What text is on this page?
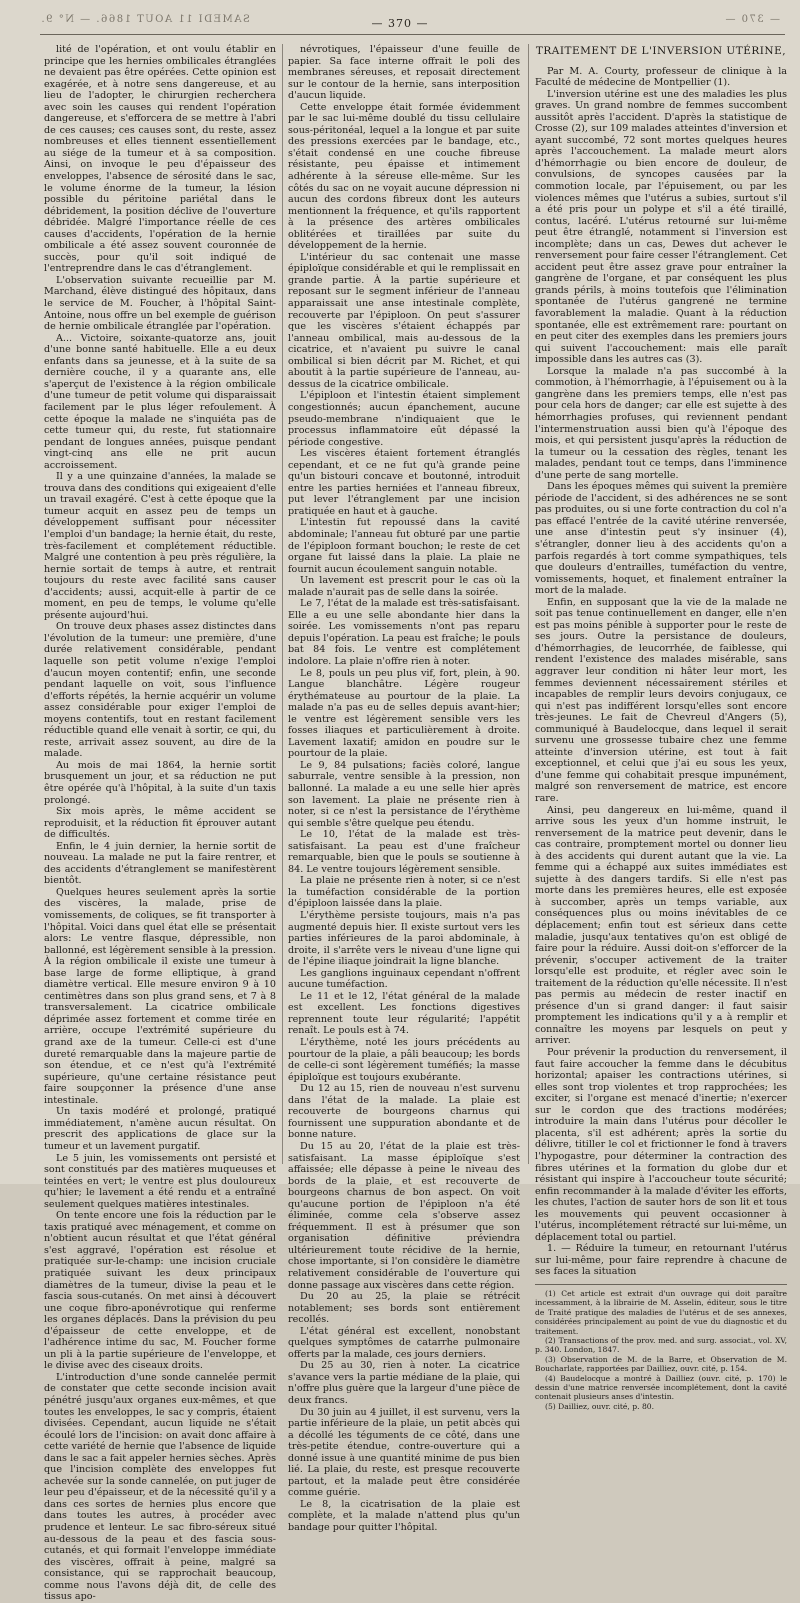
SAMEDI 11 AOUT 1866. — N° 9.	— 370 —	— 370 —

lité de l'opération, et ont voulu établir en principe que les hernies ombilicales étranglées ne devaient pas être opérées. Cette opinion est exagérée, et à notre sens dangereuse, et au lieu de l'adopter, le chirurgien recherchera avec soin les causes qui rendent l'opération dangereuse, et s'efforcera de se mettre à l'abri de ces causes; ces causes sont, du reste, assez nombreuses et elles tiennent essentiellement au siége de la tumeur et à sa composition. Ainsi, on invoque le peu d'épaisseur des enveloppes, l'absence de sérosité dans le sac, le volume énorme de la tumeur, la lésion possible du péritoine pariétal dans le débridement, la position déclive de l'ouverture débridée. Malgré l'importance réelle de ces causes d'accidents, l'opération de la hernie ombilicale a été assez souvent couronnée de succès, pour qu'il soit indiqué de l'entreprendre dans le cas d'étranglement.

L'observation suivante recueillie par M. Marchand, élève distingué des hôpitaux, dans le service de M. Foucher, à l'hôpital Saint-Antoine, nous offre un bel exemple de guérison de hernie ombilicale étranglée par l'opération.

A... Victoire, soixante-quatorze ans, jouit d'une bonne santé habituelle. Elle a eu deux enfants dans sa jeunesse, et à la suite de sa dernière couche, il y a quarante ans, elle s'aperçut de l'existence à la région ombilicale d'une tumeur de petit volume qui disparaissait facilement par le plus léger refoulement. À cette époque la malade ne s'inquiéta pas de cette tumeur qui, du reste, fut stationnaire pendant de longues années, puisque pendant vingt-cinq ans elle ne prit aucun accroissement.

Il y a une quinzaine d'années, la malade se trouva dans des conditions qui exigeaient d'elle un travail exagéré. C'est à cette époque que la tumeur acquit en assez peu de temps un développement suffisant pour nécessiter l'emploi d'un bandage; la hernie était, du reste, très-facilement et complétement réductible. Malgré une contention à peu près régulière, la hernie sortait de temps à autre, et rentrait toujours du reste avec facilité sans causer d'accidents; aussi, acquit-elle à partir de ce moment, en peu de temps, le volume qu'elle présente aujourd'hui.

On trouve deux phases assez distinctes dans l'évolution de la tumeur: une première, d'une durée relativement considérable, pendant laquelle son petit volume n'exige l'emploi d'aucun moyen contentif; enfin, une seconde pendant laquelle on voit, sous l'influence d'efforts répétés, la hernie acquérir un volume assez considérable pour exiger l'emploi de moyens contentifs, tout en restant facilement réductible quand elle venait à sortir, ce qui, du reste, arrivait assez souvent, au dire de la malade.

Au mois de mai 1864, la hernie sortit brusquement un jour, et sa réduction ne put être opérée qu'à l'hôpital, à la suite d'un taxis prolongé.

Six mois après, le même accident se reproduisit, et la réduction fit éprouver autant de difficultés.

Enfin, le 4 juin dernier, la hernie sortit de nouveau. La malade ne put la faire rentrer, et des accidents d'étranglement se manifestèrent bientôt.

Quelques heures seulement après la sortie des viscères, la malade, prise de vomissements, de coliques, se fit transporter à l'hôpital. Voici dans quel état elle se présentait alors: Le ventre flasque, dépressible, non ballonné, est légèrement sensible à la pression. À la région ombilicale il existe une tumeur à base large de forme elliptique, à grand diamètre vertical. Elle mesure environ 9 à 10 centimètres dans son plus grand sens, et 7 à 8 transversalement. La cicatrice ombilicale déprimée assez fortement et comme tirée en arrière, occupe l'extrémité supérieure du grand axe de la tumeur. Celle-ci est d'une dureté remarquable dans la majeure partie de son étendue, et ce n'est qu'à l'extrémité supérieure, qu'une certaine résistance peut faire soupçonner la présence d'une anse intestinale.

Un taxis modéré et prolongé, pratiqué immédiatement, n'amène aucun résultat. On prescrit des applications de glace sur la tumeur et un lavement purgatif.

Le 5 juin, les vomissements ont persisté et sont constitués par des matières muqueuses et teintées en vert; le ventre est plus douloureux qu'hier; le lavement a été rendu et a entraîné seulement quelques matières intestinales.

On tente encore une fois la réduction par le taxis pratiqué avec ménagement, et comme on n'obtient aucun résultat et que l'état général s'est aggravé, l'opération est résolue et pratiquée sur-le-champ: une incision cruciale pratiquée suivant les deux principaux diamètres de la tumeur, divise la peau et le fascia sous-cutanés. On met ainsi à découvert une coque fibro-aponévrotique qui renferme les organes déplacés. Dans la prévision du peu d'épaisseur de cette enveloppe, et de l'adhérence intime du sac, M. Foucher forme un pli à la partie supérieure de l'enveloppe, et le divise avec des ciseaux droits.

L'introduction d'une sonde cannelée permit de constater que cette seconde incision avait pénétré jusqu'aux organes eux-mêmes, et que toutes les enveloppes, le sac y compris, étaient divisées. Cependant, aucun liquide ne s'était écoulé lors de l'incision: on avait donc affaire à cette variété de hernie que l'absence de liquide dans le sac a fait appeler hernies sèches. Après que l'incision complète des enveloppes fut achevée sur la sonde cannelée, on put juger de leur peu d'épaisseur, et de la nécessité qu'il y a dans ces sortes de hernies plus encore que dans toutes les autres, à procéder avec prudence et lenteur. Le sac fibro-séreux situé au-dessous de la peau et des fascia sous-cutanés, et qui formait l'enveloppe immédiate des viscères, offrait à peine, malgré sa consistance, qui se rapprochait beaucoup, comme nous l'avons déjà dit, de celle des tissus apo-

névrotiques, l'épaisseur d'une feuille de papier. Sa face interne offrait le poli des membranes séreuses, et reposait directement sur le contour de la hernie, sans interposition d'aucun liquide.

Cette enveloppe était formée évidemment par le sac lui-même doublé du tissu cellulaire sous-péritonéal, lequel a la longue et par suite des pressions exercées par le bandage, etc., s'était condensé en une couche fibreuse résistante, peu épaisse et intimement adhérente à la séreuse elle-même. Sur les côtés du sac on ne voyait aucune dépression ni aucun des cordons fibreux dont les auteurs mentionnent la fréquence, et qu'ils rapportent à la présence des artères ombilicales oblitérées et tiraillées par suite du développement de la hernie.

L'intérieur du sac contenait une masse épiploïque considérable et qui le remplissait en grande partie. À la partie supérieure et reposant sur le segment inférieur de l'anneau apparaissait une anse intestinale complète, recouverte par l'épiploon. On peut s'assurer que les viscères s'étaient échappés par l'anneau ombilical, mais au-dessous de la cicatrice, et n'avaient pu suivre le canal ombilical si bien décrit par M. Richet, et qui aboutit à la partie supérieure de l'anneau, au-dessus de la cicatrice ombilicale.

L'épiploon et l'intestin étaient simplement congestionnés; aucun épanchement, aucune pseudo-membrane n'indiquaient que le processus inflammatoire eût dépassé la période congestive.

Les viscères étaient fortement étranglés cependant, et ce ne fut qu'à grande peine qu'un bistouri concave et boutonné, introduit entre les parties herniées et l'anneau fibreux, put lever l'étranglement par une incision pratiquée en haut et à gauche.

L'intestin fut repoussé dans la cavité abdominale; l'anneau fut obturé par une partie de l'épiploon formant bouchon; le reste de cet organe fut laissé dans la plaie. La plaie ne fournit aucun écoulement sanguin notable.

Un lavement est prescrit pour le cas où la malade n'aurait pas de selle dans la soirée.

Le 7, l'état de la malade est très-satisfaisant. Elle a eu une selle abondante hier dans la soirée. Les vomissements n'ont pas reparu depuis l'opération. La peau est fraîche; le pouls bat 84 fois. Le ventre est complétement indolore. La plaie n'offre rien à noter.

Le 8, pouls un peu plus vif, fort, plein, à 90. Langue blanchâtre. Légère rougeur érythémateuse au pourtour de la plaie. La malade n'a pas eu de selles depuis avant-hier; le ventre est légèrement sensible vers les fosses iliaques et particulièrement à droite. Lavement laxatif; amidon en poudre sur le pourtour de la plaie.

Le 9, 84 pulsations; faciès coloré, langue saburrale, ventre sensible à la pression, non ballonné. La malade a eu une selle hier après son lavement. La plaie ne présente rien à noter, si ce n'est la persistance de l'érythème qui semble s'être quelque peu étendu.

Le 10, l'état de la malade est très-satisfaisant. La peau est d'une fraîcheur remarquable, bien que le pouls se soutienne à 84. Le ventre toujours légèrement sensible.

La plaie ne présente rien à noter, si ce n'est la tuméfaction considérable de la portion d'épiploon laissée dans la plaie.

L'érythème persiste toujours, mais n'a pas augmenté depuis hier. Il existe surtout vers les parties inférieures de la paroi abdominale, à droite, il s'arrête vers le niveau d'une ligne qui de l'épine iliaque joindrait la ligne blanche.

Les ganglions inguinaux cependant n'offrent aucune tuméfaction.

Le 11 et le 12, l'état général de la malade est excellent. Les fonctions digestives reprennent toute leur régularité; l'appétit renaît. Le pouls est à 74.

L'érythème, noté les jours précédents au pourtour de la plaie, a pâli beaucoup; les bords de celle-ci sont légèrement tuméfiés; la masse épiploïque est toujours exubérante.

Du 12 au 15, rien de nouveau n'est survenu dans l'état de la malade. La plaie est recouverte de bourgeons charnus qui fournissent une suppuration abondante et de bonne nature.

Du 15 au 20, l'état de la plaie est très-satisfaisant. La masse épiploïque s'est affaissée; elle dépasse à peine le niveau des bords de la plaie, et est recouverte de bourgeons charnus de bon aspect. On voit qu'aucune portion de l'épiploon n'a été éliminée, comme cela s'observe assez fréquemment. Il est à présumer que son organisation définitive préviendra ultérieurement toute récidive de la hernie, chose importante, si l'on considère le diamètre relativement considérable de l'ouverture qui donne passage aux viscères dans cette région.

Du 20 au 25, la plaie se rétrécit notablement; ses bords sont entièrement recollés.

L'état général est excellent, nonobstant quelques symptômes de catarrhe pulmonaire offerts par la malade, ces jours derniers.

Du 25 au 30, rien à noter. La cicatrice s'avance vers la partie médiane de la plaie, qui n'offre plus guère que la largeur d'une pièce de deux francs.

Du 30 juin au 4 juillet, il est survenu, vers la partie inférieure de la plaie, un petit abcès qui a décollé les téguments de ce côté, dans une très-petite étendue, contre-ouverture qui a donné issue à une quantité minime de pus bien lié. La plaie, du reste, est presque recouverte partout, et la malade peut être considérée comme guérie.

Le 8, la cicatrisation de la plaie est complète, et la malade n'attend plus qu'un bandage pour quitter l'hôpital.

TRAITEMENT DE L'INVERSION UTÉRINE,

Par M. A. Courty, professeur de clinique à la Faculté de médecine de Montpellier (1).

L'inversion utérine est une des maladies les plus graves. Un grand nombre de femmes succombent aussitôt après l'accident. D'après la statistique de Crosse (2), sur 109 malades atteintes d'inversion et ayant succombé, 72 sont mortes quelques heures après l'accouchement. La malade meurt alors d'hémorrhagie ou bien encore de douleur, de convulsions, de syncopes causées par la commotion locale, par l'épuisement, ou par les violences mêmes que l'utérus a subies, surtout s'il a été pris pour un polype et s'il a été tiraillé, contus, lacéré. L'utérus retourné sur lui-même peut être étranglé, notamment si l'inversion est incomplète; dans un cas, Dewes dut achever le renversement pour faire cesser l'étranglement. Cet accident peut être assez grave pour entraîner la gangrène de l'organe, et par conséquent les plus grands périls, à moins toutefois que l'élimination spontanée de l'utérus gangrené ne termine favorablement la maladie. Quant à la réduction spontanée, elle est extrêmement rare: pourtant on en peut citer des exemples dans les premiers jours qui suivent l'accouchement: mais elle paraît impossible dans les autres cas (3).

Lorsque la malade n'a pas succombé à la commotion, à l'hémorrhagie, à l'épuisement ou à la gangrène dans les premiers temps, elle n'est pas pour cela hors de danger; car elle est sujette à des hémorrhagies profuses, qui reviennent pendant l'intermenstruation aussi bien qu'à l'époque des mois, et qui persistent jusqu'après la réduction de la tumeur ou la cessation des règles, tenant les malades, pendant tout ce temps, dans l'imminence d'une perte de sang mortelle.

Dans les époques mêmes qui suivent la première période de l'accident, si des adhérences ne se sont pas produites, ou si une forte contraction du col n'a pas effacé l'entrée de la cavité utérine renversée, une anse d'intestin peut s'y insinuer (4), s'étrangler, donner lieu à des accidents qu'on a parfois regardés à tort comme sympathiques, tels que douleurs d'entrailles, tuméfaction du ventre, vomissements, hoquet, et finalement entraîner la mort de la malade.

Enfin, en supposant que la vie de la malade ne soit pas tenue continuellement en danger, elle n'en est pas moins pénible à supporter pour le reste de ses jours. Outre la persistance de douleurs, d'hémorrhagies, de leucorrhée, de faiblesse, qui rendent l'existence des malades misérable, sans aggraver leur condition ni hâter leur mort, les femmes deviennent nécessairement stériles et incapables de remplir leurs devoirs conjugaux, ce qui n'est pas indifférent lorsqu'elles sont encore très-jeunes. Le fait de Chevreul d'Angers (5), communiqué à Baudelocque, dans lequel il serait survenu une grossesse tubaire chez une femme atteinte d'inversion utérine, est tout à fait exceptionnel, et celui que j'ai eu sous les yeux, d'une femme qui cohabitait presque impunément, malgré son renversement de matrice, est encore rare.

Ainsi, peu dangereux en lui-même, quand il arrive sous les yeux d'un homme instruit, le renversement de la matrice peut devenir, dans le cas contraire, promptement mortel ou donner lieu à des accidents qui durent autant que la vie. La femme qui a échappé aux suites immédiates est sujette à des dangers tardifs. Si elle n'est pas morte dans les premières heures, elle est exposée à succomber, après un temps variable, aux conséquences plus ou moins inévitables de ce déplacement; enfin tout est sérieux dans cette maladie, jusqu'aux tentatives qu'on est obligé de faire pour la réduire. Aussi doit-on s'efforcer de la prévenir, s'occuper activement de la traiter lorsqu'elle est produite, et régler avec soin le traitement de la réduction qu'elle nécessite. Il n'est pas permis au médecin de rester inactif en présence d'un si grand danger: il faut saisir promptement les indications qu'il y a à remplir et connaître les moyens par lesquels on peut y arriver.

Pour prévenir la production du renversement, il faut faire accoucher la femme dans le décubitus horizontal; apaiser les contractions utérines, si elles sont trop violentes et trop rapprochées; les exciter, si l'organe est menacé d'inertie; n'exercer sur le cordon que des tractions modérées; introduire la main dans l'utérus pour décoller le placenta, s'il est adhérent; après la sortie du délivre, titiller le col et frictionner le fond à travers l'hypogastre, pour déterminer la contraction des fibres utérines et la formation du globe dur et résistant qui inspire à l'accoucheur toute sécurité; enfin recommander à la malade d'éviter les efforts, les chutes, l'action de sauter hors de son lit et tous les mouvements qui peuvent occasionner à l'utérus, incomplétement rétracté sur lui-même, un déplacement total ou partiel.

1. — Réduire la tumeur, en retournant l'utérus sur lui-même, pour faire reprendre à chacune de ses faces la situation

(1) Cet article est extrait d'un ouvrage qui doit paraître incessamment, à la librairie de M. Asselin, éditeur, sous le titre de Traité pratique des maladies de l'utérus et de ses annexes, considérées principalement au point de vue du diagnostic et du traitement.

(2) Transactions of the prov. med. and surg. associat., vol. XV, p. 340. London, 1847.

(3) Observation de M. de la Barre, et Observation de M. Boucharlate, rapportées par Dailliez, ouvr. cité, p. 154.

(4) Baudelocque a montré à Dailliez (ouvr. cité, p. 170) le dessin d'une matrice renversée incomplétement, dont la cavité contenait plusieurs anses d'intestin.

(5) Dailliez, ouvr. cité, p. 80.
